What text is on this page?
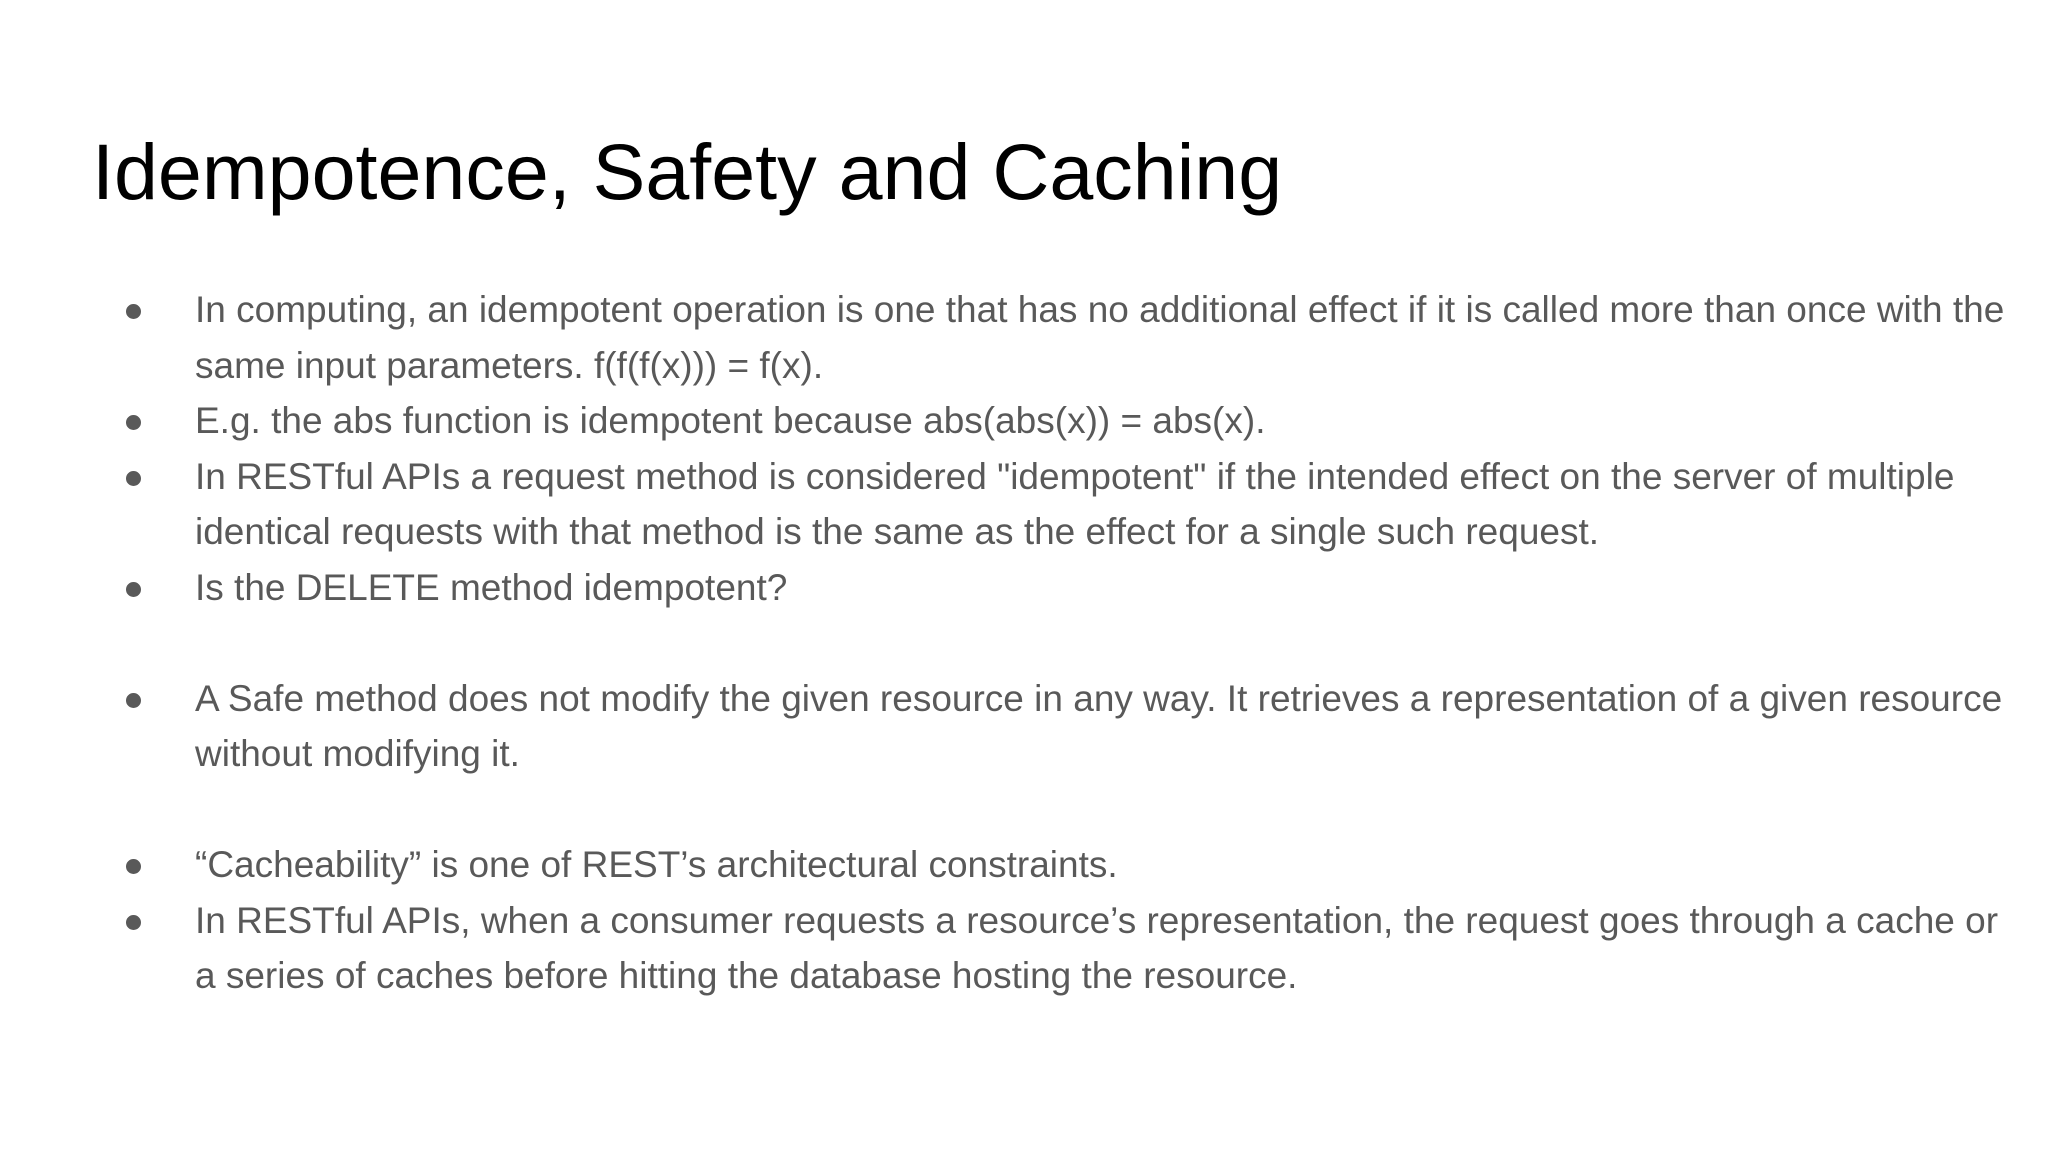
Idempotence, Safety and Caching
In computing, an idempotent operation is one that has no additional effect if it is called more than once with the same input parameters. f(f(f(x))) = f(x).
E.g. the abs function is idempotent because abs(abs(x)) = abs(x).
In RESTful APIs a request method is considered "idempotent" if the intended effect on the server of multiple identical requests with that method is the same as the effect for a single such request.
Is the DELETE method idempotent?
A Safe method does not modify the given resource in any way. It retrieves a representation of a given resource without modifying it.
“Cacheability” is one of REST’s architectural constraints.
In RESTful APIs, when a consumer requests a resource’s representation, the request goes through a cache or a series of caches before hitting the database hosting the resource.
